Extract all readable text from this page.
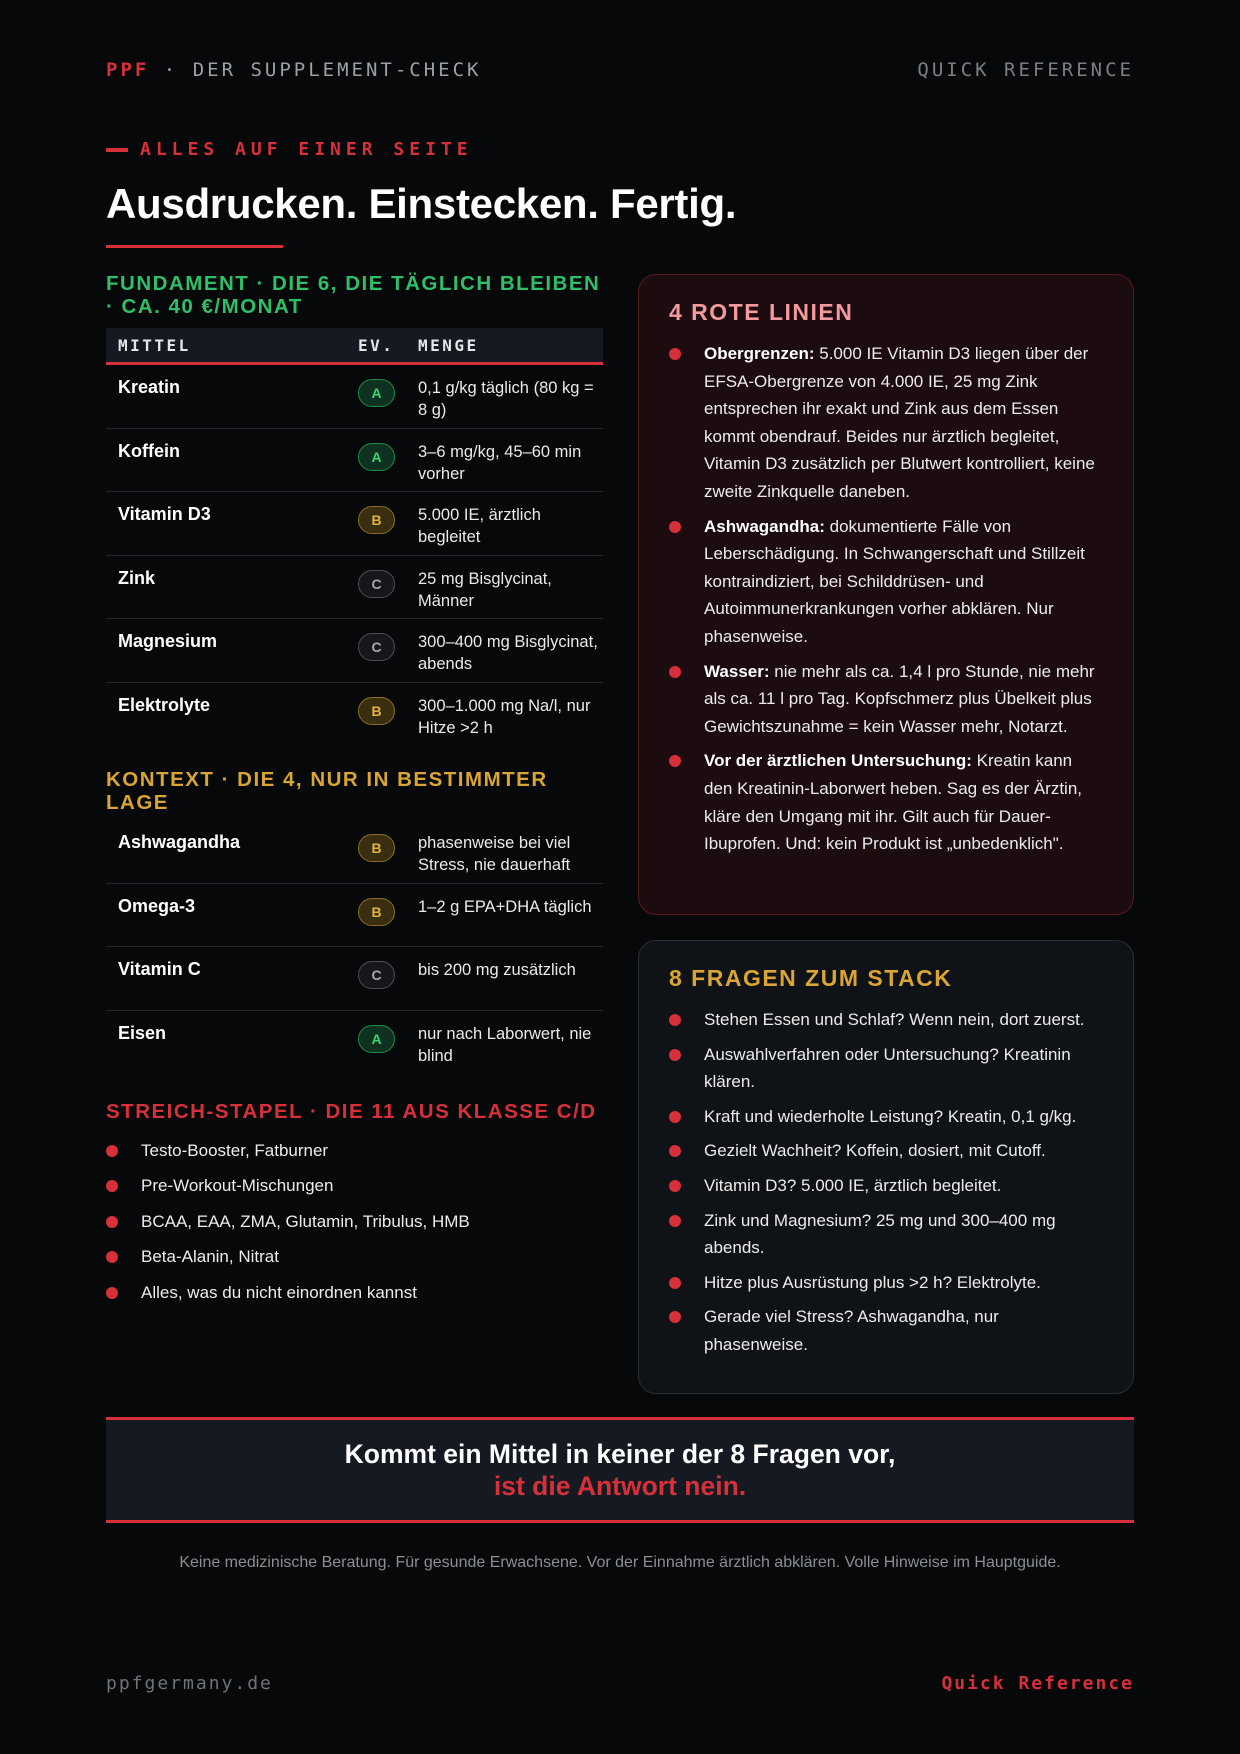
PPF · DER SUPPLEMENT-CHECK	QUICK REFERENCE
ALLES AUF EINER SEITE
Ausdrucken. Einstecken. Fertig.
FUNDAMENT · DIE 6, DIE TÄGLICH BLEIBEN · CA. 40 €/MONAT
MITTEL	EV.	MENGE
Kreatin	A	0,1 g/kg täglich (80 kg = 8 g)
Koffein	A	3–6 mg/kg, 45–60 min vorher
Vitamin D3	B	5.000 IE, ärztlich begleitet
Zink	C	25 mg Bisglycinat, Männer
Magnesium	C	300–400 mg Bisglycinat, abends
Elektrolyte	B	300–1.000 mg Na/l, nur Hitze >2 h
KONTEXT · DIE 4, NUR IN BESTIMMTER LAGE
Ashwagandha	B	phasenweise bei viel Stress, nie dauerhaft
Omega-3	B	1–2 g EPA+DHA täglich
Vitamin C	C	bis 200 mg zusätzlich
Eisen	A	nur nach Laborwert, nie blind
STREICH-STAPEL · DIE 11 AUS KLASSE C/D
Testo-Booster, Fatburner
Pre-Workout-Mischungen
BCAA, EAA, ZMA, Glutamin, Tribulus, HMB
Beta-Alanin, Nitrat
Alles, was du nicht einordnen kannst
4 ROTE LINIEN
Obergrenzen: 5.000 IE Vitamin D3 liegen über der EFSA-Obergrenze von 4.000 IE, 25 mg Zink entsprechen ihr exakt und Zink aus dem Essen kommt obendrauf. Beides nur ärztlich begleitet, Vitamin D3 zusätzlich per Blutwert kontrolliert, keine zweite Zinkquelle daneben.
Ashwagandha: dokumentierte Fälle von Leberschädigung. In Schwangerschaft und Stillzeit kontraindiziert, bei Schilddrüsen- und Autoimmunerkrankungen vorher abklären. Nur phasenweise.
Wasser: nie mehr als ca. 1,4 l pro Stunde, nie mehr als ca. 11 l pro Tag. Kopfschmerz plus Übelkeit plus Gewichtszunahme = kein Wasser mehr, Notarzt.
Vor der ärztlichen Untersuchung: Kreatin kann den Kreatinin-Laborwert heben. Sag es der Ärztin, kläre den Umgang mit ihr. Gilt auch für Dauer-Ibuprofen. Und: kein Produkt ist „unbedenklich".
8 FRAGEN ZUM STACK
Stehen Essen und Schlaf? Wenn nein, dort zuerst.
Auswahlverfahren oder Untersuchung? Kreatinin klären.
Kraft und wiederholte Leistung? Kreatin, 0,1 g/kg.
Gezielt Wachheit? Koffein, dosiert, mit Cutoff.
Vitamin D3? 5.000 IE, ärztlich begleitet.
Zink und Magnesium? 25 mg und 300–400 mg abends.
Hitze plus Ausrüstung plus >2 h? Elektrolyte.
Gerade viel Stress? Ashwagandha, nur phasenweise.
Kommt ein Mittel in keiner der 8 Fragen vor,
ist die Antwort nein.
Keine medizinische Beratung. Für gesunde Erwachsene. Vor der Einnahme ärztlich abklären. Volle Hinweise im Hauptguide.
ppfgermany.de	Quick Reference
